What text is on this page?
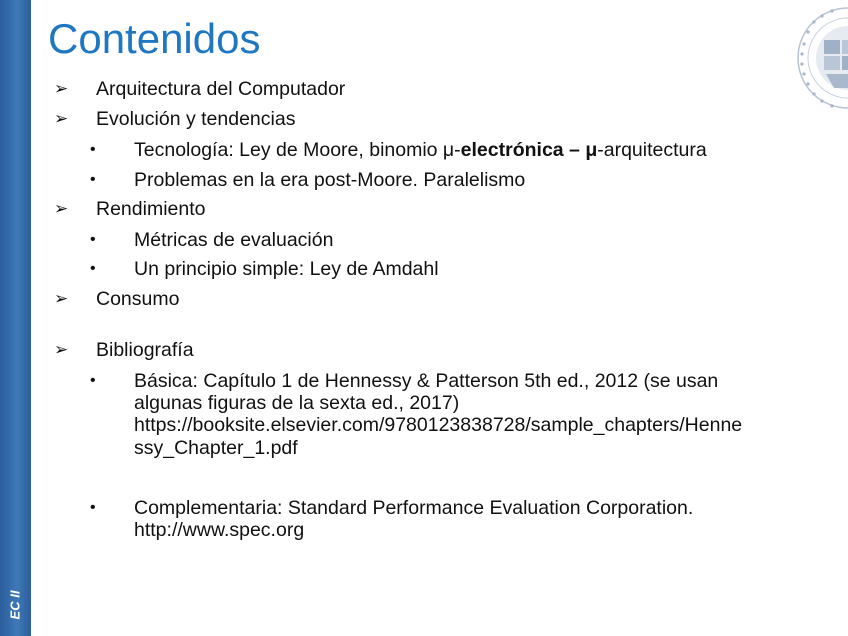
EC II
Contenidos
➢ Arquitectura del Computador
➢ Evolución y tendencias
• Tecnología: Ley de Moore, binomio μ-electrónica – μ-arquitectura
• Problemas en la era post-Moore. Paralelismo
➢ Rendimiento
• Métricas de evaluación
• Un principio simple: Ley de Amdahl
➢ Consumo
➢ Bibliografía
• Básica: Capítulo 1 de Hennessy & Patterson 5th ed., 2012 (se usan
algunas figuras de la sexta ed., 2017)
https://booksite.elsevier.com/9780123838728/sample_chapters/Henne
ssy_Chapter_1.pdf
• Complementaria: Standard Performance Evaluation Corporation.
http://www.spec.org
